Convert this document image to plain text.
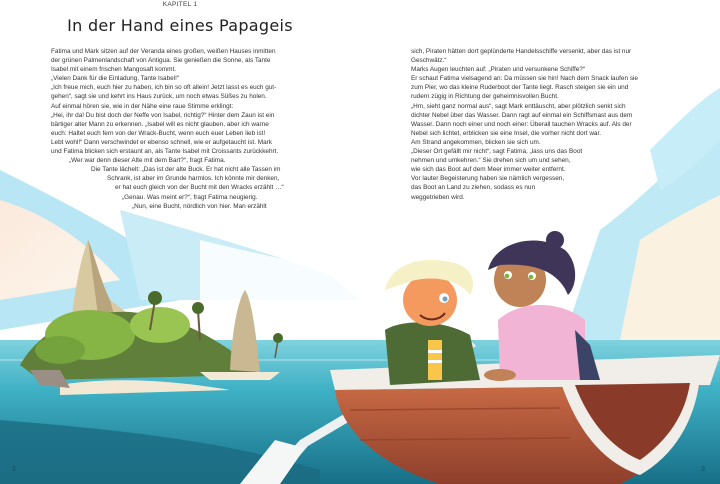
KAPITEL 1
In der Hand eines Papageis
Fatima und Mark sitzen auf der Veranda eines großen, weißen Hauses inmitten
der grünen Palmenlandschaft von Antigua. Sie genießen die Sonne, als Tante
Isabel mit einem frischen Mangosaft kommt.
„Vielen Dank für die Einladung, Tante Isabel!“
„Ich freue mich, euch hier zu haben, ich bin so oft allein! Jetzt lasst es euch gut-
gehen“, sagt sie und kehrt ins Haus zurück, um noch etwas Süßes zu holen.
Auf einmal hören sie, wie in der Nähe eine raue Stimme erklingt:
„Hei, ihr da! Du bist doch der Neffe von Isabel, richtig?“ Hinter dem Zaun ist ein
bärtiger alter Mann zu erkennen. „Isabel will es nicht glauben, aber ich warne
euch: Haltet euch fern von der Wrack-Bucht, wenn euch euer Leben lieb ist!
Lebt wohl!“ Dann verschwindet er ebenso schnell, wie er aufgetaucht ist. Mark
und Fatima blicken sich erstaunt an, als Tante Isabel mit Croissants zurückkehrt.
„Wer war denn dieser Alte mit dem Bart?“, fragt Fatima.
Die Tante lächelt: „Das ist der alte Buck. Er hat nicht alle Tassen im
Schrank, ist aber im Grunde harmlos. Ich könnte mir denken,
er hat euch gleich von der Bucht mit den Wracks erzählt …“
„Genau. Was meint er?“, fragt Fatima neugierig.
„Nun, eine Bucht, nördlich von hier. Man erzählt
sich, Piraten hätten dort geplünderte Handelsschiffe versenkt, aber das ist nur
Geschwätz.“
Marks Augen leuchten auf: „Piraten und versunkene Schiffe?“
Er schaut Fatima vielsagend an: Da müssen sie hin! Nach dem Snack laufen sie
zum Pier, wo das kleine Ruderboot der Tante liegt. Rasch steigen sie ein und
rudern zügig in Richtung der geheimnisvollen Bucht.
„Hm, sieht ganz normal aus“, sagt Mark enttäuscht, aber plötzlich senkt sich
dichter Nebel über das Wasser. Dann ragt auf einmal ein Schiffsmast aus dem
Wasser. Dann noch einer und noch einer: Überall tauchen Wracks auf. Als der
Nebel sich lichtet, erblicken sie eine Insel, die vorher nicht dort war.
Am Strand angekommen, blicken sie sich um.
„Dieser Ort gefällt mir nicht“, sagt Fatima, „lass uns das Boot
nehmen und umkehren.“ Sie drehen sich um und sehen,
wie sich das Boot auf dem Meer immer weiter entfernt.
Vor lauter Begeisterung haben sie nämlich vergessen,
das Boot an Land zu ziehen, sodass es nun
weggetrieben wird.
2	3
